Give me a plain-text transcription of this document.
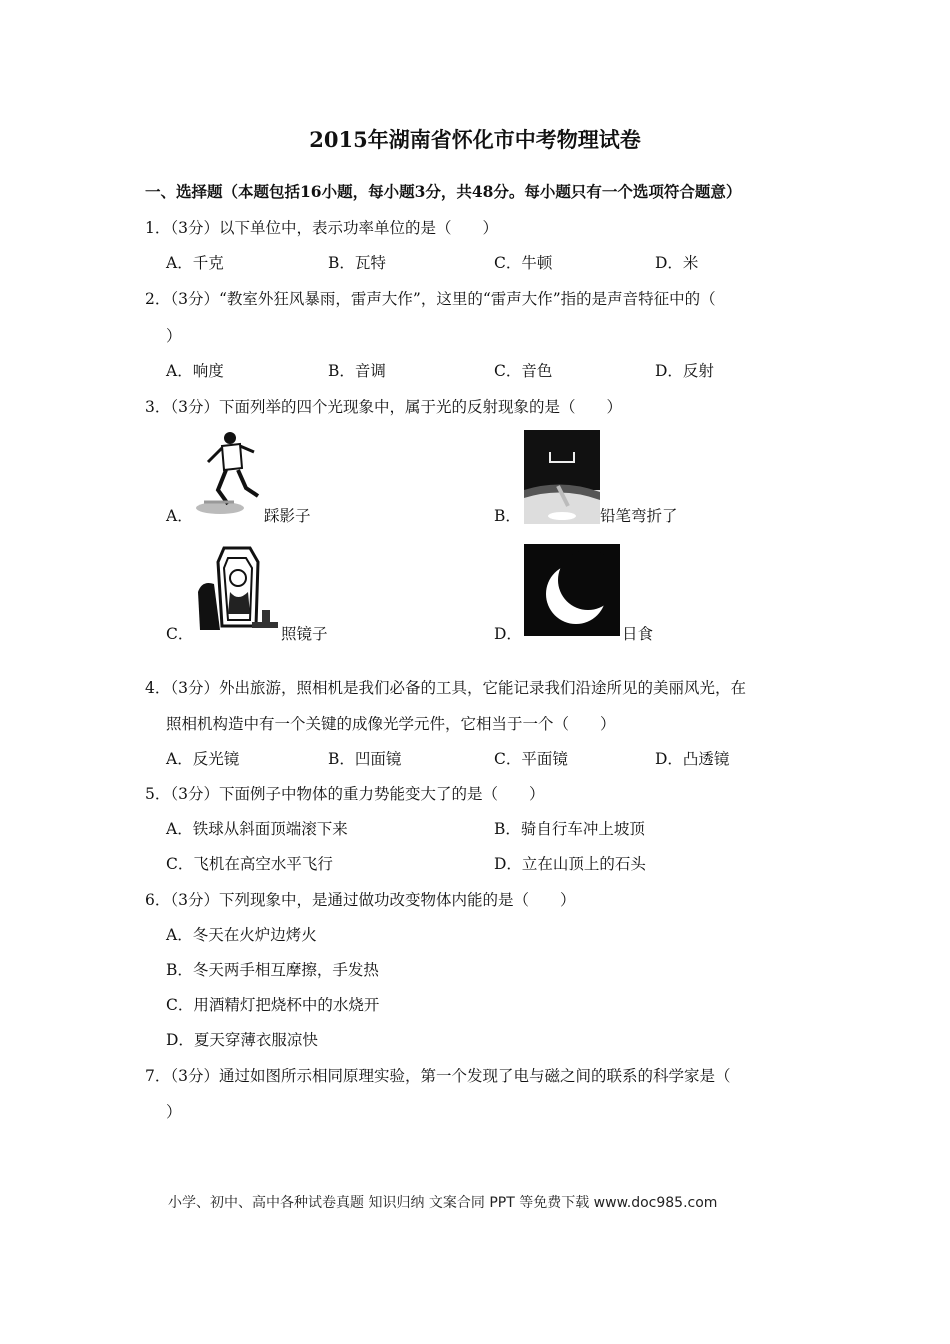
2015年湖南省怀化市中考物理试卷
一、选择题（本题包括16小题，每小题3分，共48分。每小题只有一个选项符合题意）
1．（3分）以下单位中，表示功率单位的是（　　）
A．千克	B．瓦特	C．牛顿	D．米
2．（3分）“教室外狂风暴雨，雷声大作”，这里的“雷声大作”指的是声音特征中的（
）
A．响度	B．音调	C．音色	D．反射
3．（3分）下面列举的四个光现象中，属于光的反射现象的是（　　）
A．	踩影子	B．	铅笔弯折了
C．	照镜子	D．	日食
4．（3分）外出旅游，照相机是我们必备的工具，它能记录我们沿途所见的美丽风光，在
照相机构造中有一个关键的成像光学元件，它相当于一个（　　）
A．反光镜	B．凹面镜	C．平面镜	D．凸透镜
5．（3分）下面例子中物体的重力势能变大了的是（　　）
A．铁球从斜面顶端滚下来	B．骑自行车冲上坡顶
C．飞机在高空水平飞行	D．立在山顶上的石头
6．（3分）下列现象中，是通过做功改变物体内能的是（　　）
A．冬天在火炉边烤火
B．冬天两手相互摩擦，手发热
C．用酒精灯把烧杯中的水烧开
D．夏天穿薄衣服凉快
7．（3分）通过如图所示相同原理实验，第一个发现了电与磁之间的联系的科学家是（
）
小学、初中、高中各种试卷真题 知识归纳 文案合同 PPT 等免费下载 www.doc985.com
